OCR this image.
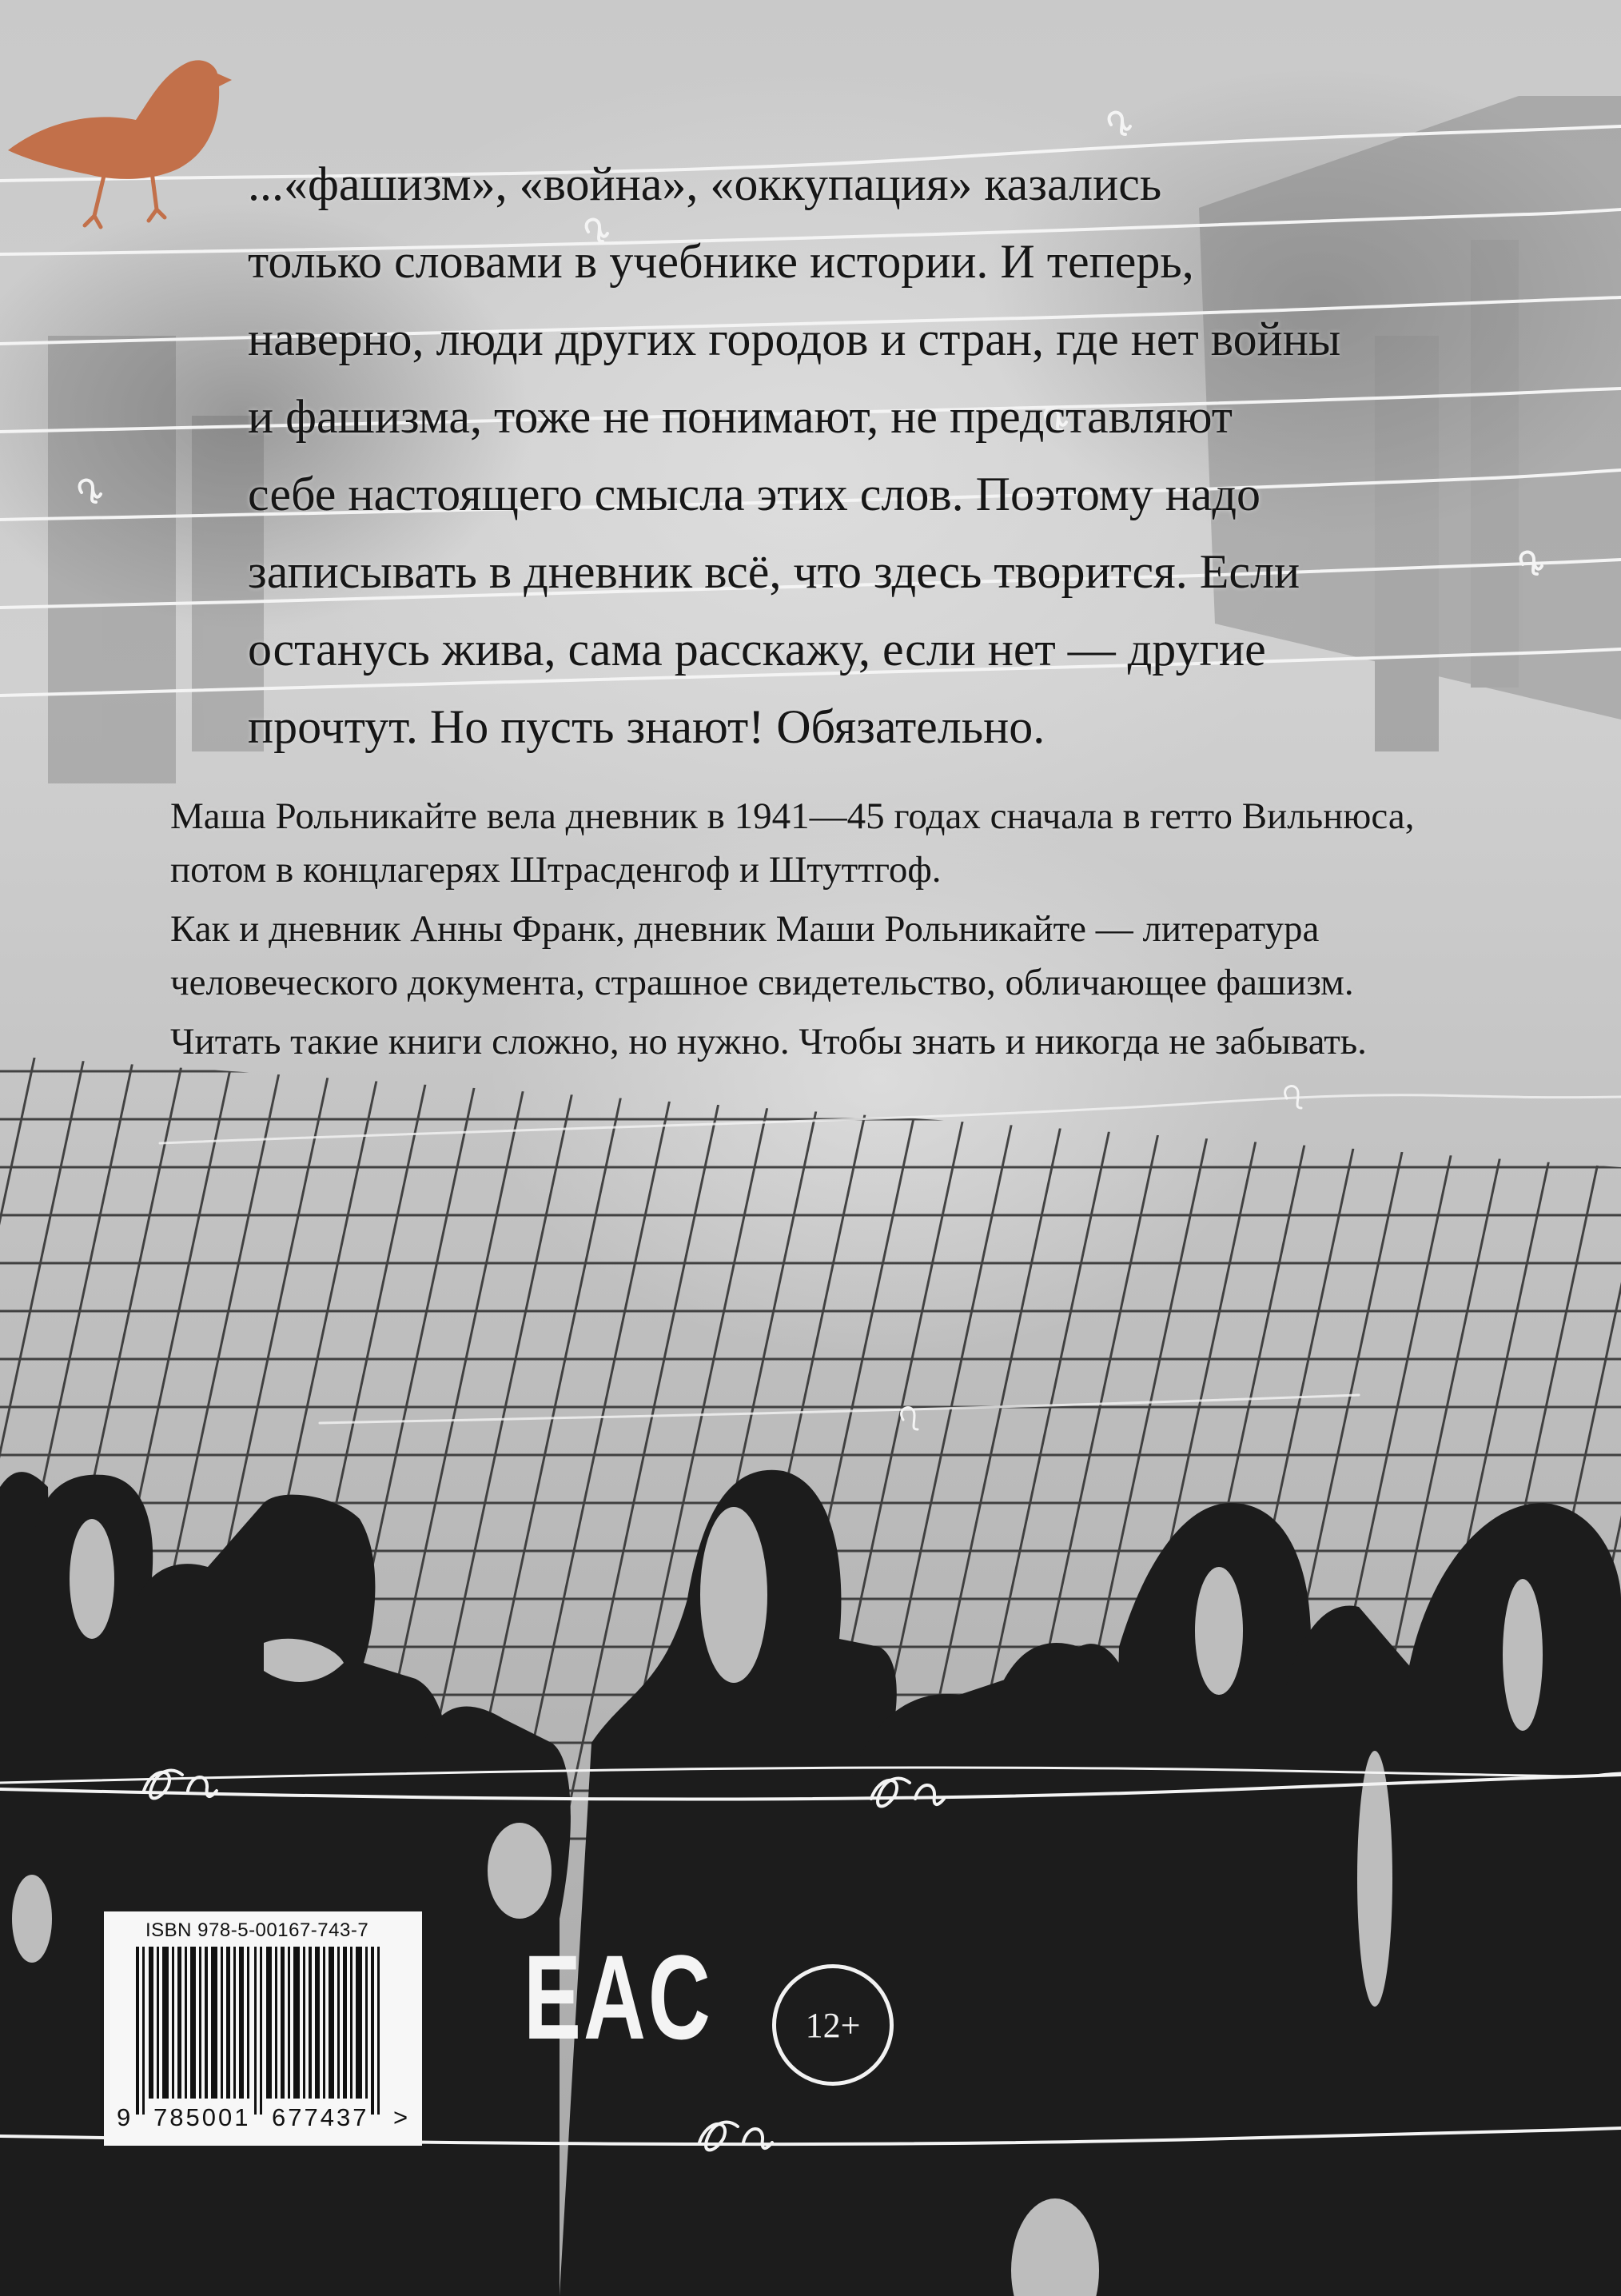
...«фашизм», «война», «оккупация» казались
только словами в учебнике истории. И теперь,
наверно, люди других городов и стран, где нет войны
и фашизма, тоже не понимают, не представляют
себе настоящего смысла этих слов. Поэтому надо
записывать в дневник всё, что здесь творится. Если
останусь жива, сама расскажу, если нет — другие
прочтут. Но пусть знают! Обязательно.

Маша Рольникайте вела дневник в 1941—45 годах сначала в гетто Вильнюса, потом в концлагерях Штрасденгоф и Штуттгоф.

Как и дневник Анны Франк, дневник Маши Рольникайте — литература человеческого документа, страшное свидетельство, обличающее фашизм.

Читать такие книги сложно, но нужно. Чтобы знать и никогда не забывать.

ISBN 978-5-00167-743-7
9 785001 677437 >
EAC	12+
